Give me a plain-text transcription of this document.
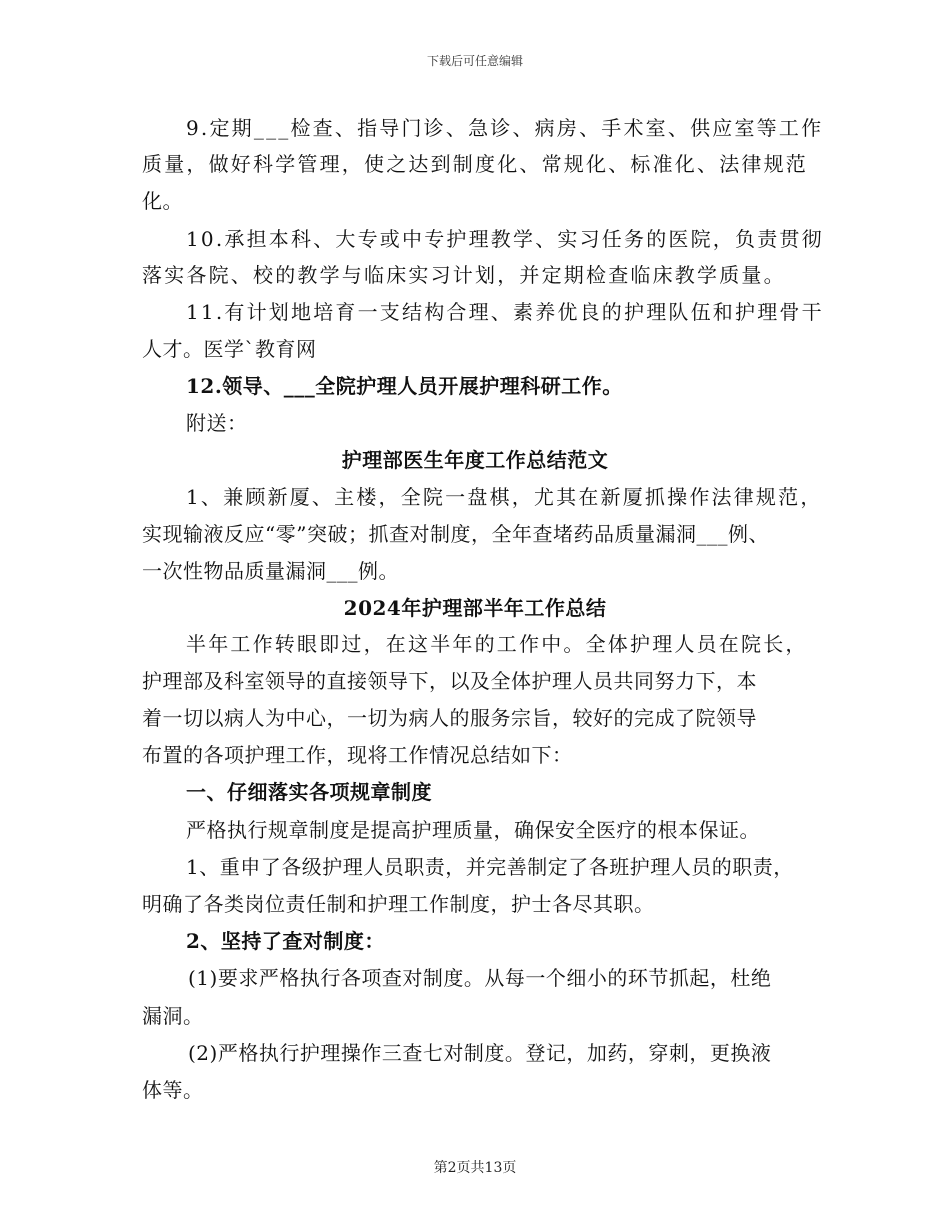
下载后可任意编辑
9.定期___检查、指导门诊、急诊、病房、手术室、供应室等工作
质量，做好科学管理，使之达到制度化、常规化、标准化、法律规范
化。
10.承担本科、大专或中专护理教学、实习任务的医院，负责贯彻
落实各院、校的教学与临床实习计划，并定期检查临床教学质量。
11.有计划地培育一支结构合理、素养优良的护理队伍和护理骨干
人才。医学`教育网
12.领导、___全院护理人员开展护理科研工作。
附送：
护理部医生年度工作总结范文
1、兼顾新厦、主楼，全院一盘棋，尤其在新厦抓操作法律规范，
实现输液反应“零”突破；抓查对制度，全年查堵药品质量漏洞___例、
一次性物品质量漏洞___例。
2024年护理部半年工作总结
半年工作转眼即过，在这半年的工作中。全体护理人员在院长，
护理部及科室领导的直接领导下，以及全体护理人员共同努力下，本
着一切以病人为中心，一切为病人的服务宗旨，较好的完成了院领导
布置的各项护理工作，现将工作情况总结如下：
一、仔细落实各项规章制度
严格执行规章制度是提高护理质量，确保安全医疗的根本保证。
1、重申了各级护理人员职责，并完善制定了各班护理人员的职责，
明确了各类岗位责任制和护理工作制度，护士各尽其职。
2、坚持了查对制度：
(1)要求严格执行各项查对制度。从每一个细小的环节抓起，杜绝
漏洞。
(2)严格执行护理操作三查七对制度。登记，加药，穿刺，更换液
体等。
第2页共13页
